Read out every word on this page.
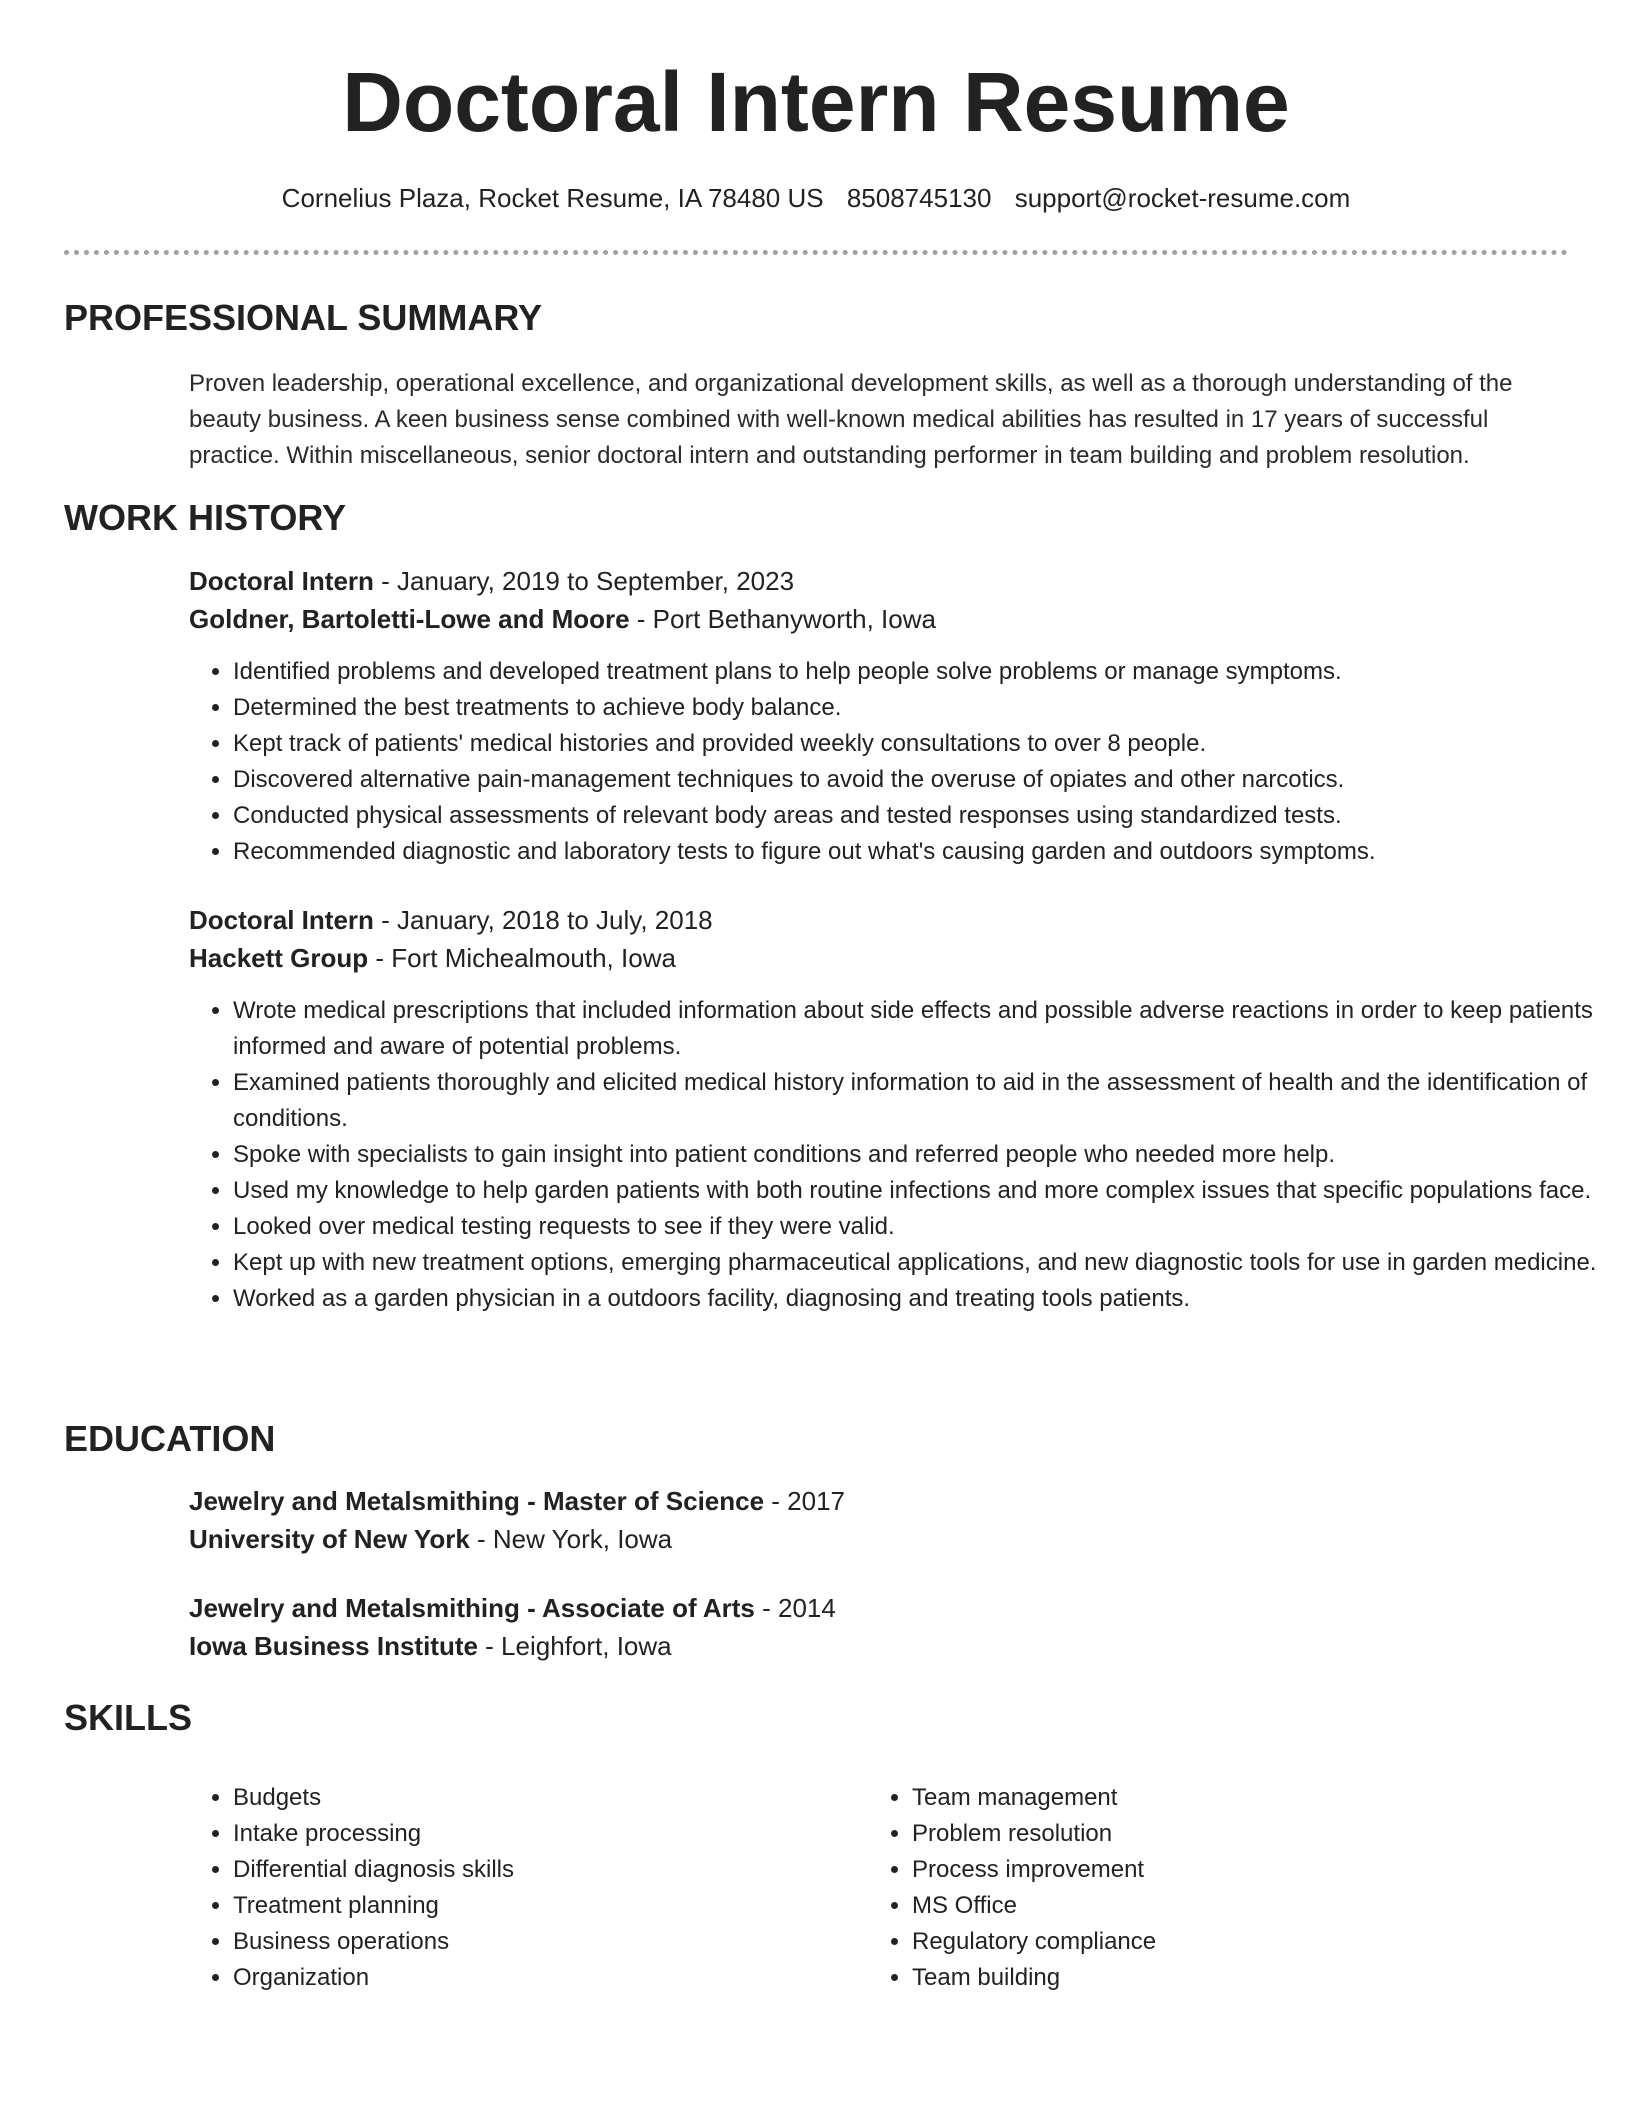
Doctoral Intern Resume
Cornelius Plaza, Rocket Resume, IA 78480 US 8508745130 support@rocket-resume.com
PROFESSIONAL SUMMARY
Proven leadership, operational excellence, and organizational development skills, as well as a thorough understanding of the beauty business. A keen business sense combined with well-known medical abilities has resulted in 17 years of successful practice. Within miscellaneous, senior doctoral intern and outstanding performer in team building and problem resolution.
WORK HISTORY
Doctoral Intern - January, 2019 to September, 2023
Goldner, Bartoletti-Lowe and Moore - Port Bethanyworth, Iowa
• Identified problems and developed treatment plans to help people solve problems or manage symptoms.
• Determined the best treatments to achieve body balance.
• Kept track of patients' medical histories and provided weekly consultations to over 8 people.
• Discovered alternative pain-management techniques to avoid the overuse of opiates and other narcotics.
• Conducted physical assessments of relevant body areas and tested responses using standardized tests.
• Recommended diagnostic and laboratory tests to figure out what's causing garden and outdoors symptoms.
Doctoral Intern - January, 2018 to July, 2018
Hackett Group - Fort Michealmouth, Iowa
• Wrote medical prescriptions that included information about side effects and possible adverse reactions in order to keep patients informed and aware of potential problems.
• Examined patients thoroughly and elicited medical history information to aid in the assessment of health and the identification of conditions.
• Spoke with specialists to gain insight into patient conditions and referred people who needed more help.
• Used my knowledge to help garden patients with both routine infections and more complex issues that specific populations face.
• Looked over medical testing requests to see if they were valid.
• Kept up with new treatment options, emerging pharmaceutical applications, and new diagnostic tools for use in garden medicine.
• Worked as a garden physician in a outdoors facility, diagnosing and treating tools patients.
EDUCATION
Jewelry and Metalsmithing - Master of Science - 2017
University of New York - New York, Iowa
Jewelry and Metalsmithing - Associate of Arts - 2014
Iowa Business Institute - Leighfort, Iowa
SKILLS
• Budgets
• Intake processing
• Differential diagnosis skills
• Treatment planning
• Business operations
• Organization
• Team management
• Problem resolution
• Process improvement
• MS Office
• Regulatory compliance
• Team building
